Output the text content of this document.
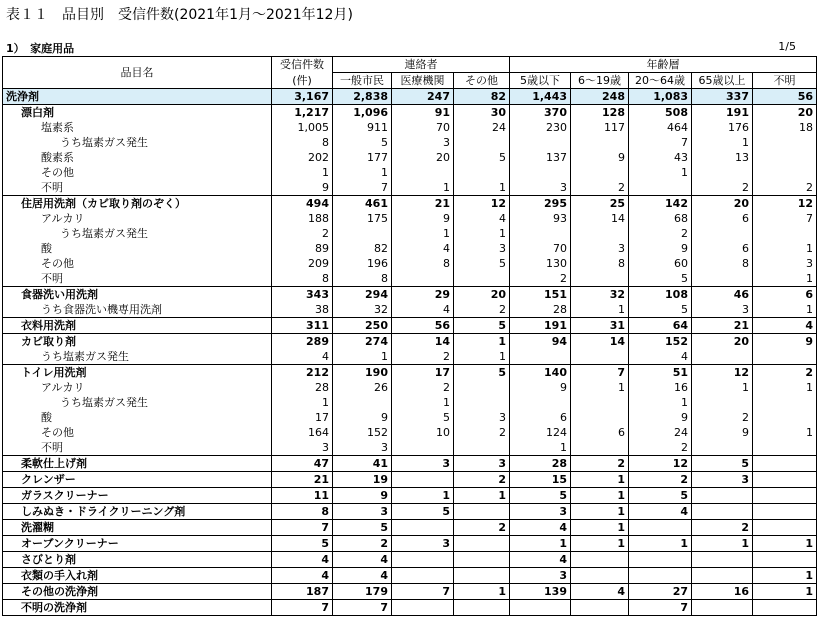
表１１　品目別　受信件数(2021年1月～2021年12月)
1）　家庭用品	1/5
品目名	受信件数	連絡者			年齢層				
	(件)	一般市民	医療機関	その他	5歳以下	6～19歳	20～64歳	65歳以上	不明
洗浄剤	3,167	2,838	247	82	1,443	248	1,083	337	56
漂白剤	1,217	1,096	91	30	370	128	508	191	20
塩素系	1,005	911	70	24	230	117	464	176	18
うち塩素ガス発生	8	5	3				7	1	
酸素系	202	177	20	5	137	9	43	13	
その他	1	1					1		
不明	9	7	1	1	3	2		2	2
住居用洗剤（カビ取り剤のぞく）	494	461	21	12	295	25	142	20	12
アルカリ	188	175	9	4	93	14	68	6	7
うち塩素ガス発生	2		1	1			2		
酸	89	82	4	3	70	3	9	6	1
その他	209	196	8	5	130	8	60	8	3
不明	8	8			2		5		1
食器洗い用洗剤	343	294	29	20	151	32	108	46	6
うち食器洗い機専用洗剤	38	32	4	2	28	1	5	3	1
衣料用洗剤	311	250	56	5	191	31	64	21	4
カビ取り剤	289	274	14	1	94	14	152	20	9
うち塩素ガス発生	4	1	2	1			4		
トイレ用洗剤	212	190	17	5	140	7	51	12	2
アルカリ	28	26	2		9	1	16	1	1
うち塩素ガス発生	1		1				1		
酸	17	9	5	3	6		9	2	
その他	164	152	10	2	124	6	24	9	1
不明	3	3			1		2		
柔軟仕上げ剤	47	41	3	3	28	2	12	5	
クレンザー	21	19		2	15	1	2	3	
ガラスクリーナー	11	9	1	1	5	1	5		
しみぬき・ドライクリーニング剤	8	3	5		3	1	4		
洗濯糊	7	5		2	4	1		2	
オーブンクリーナー	5	2	3		1	1	1	1	1
さびとり剤	4	4			4				
衣類の手入れ剤	4	4			3				1
その他の洗浄剤	187	179	7	1	139	4	27	16	1
不明の洗浄剤	7	7					7		
